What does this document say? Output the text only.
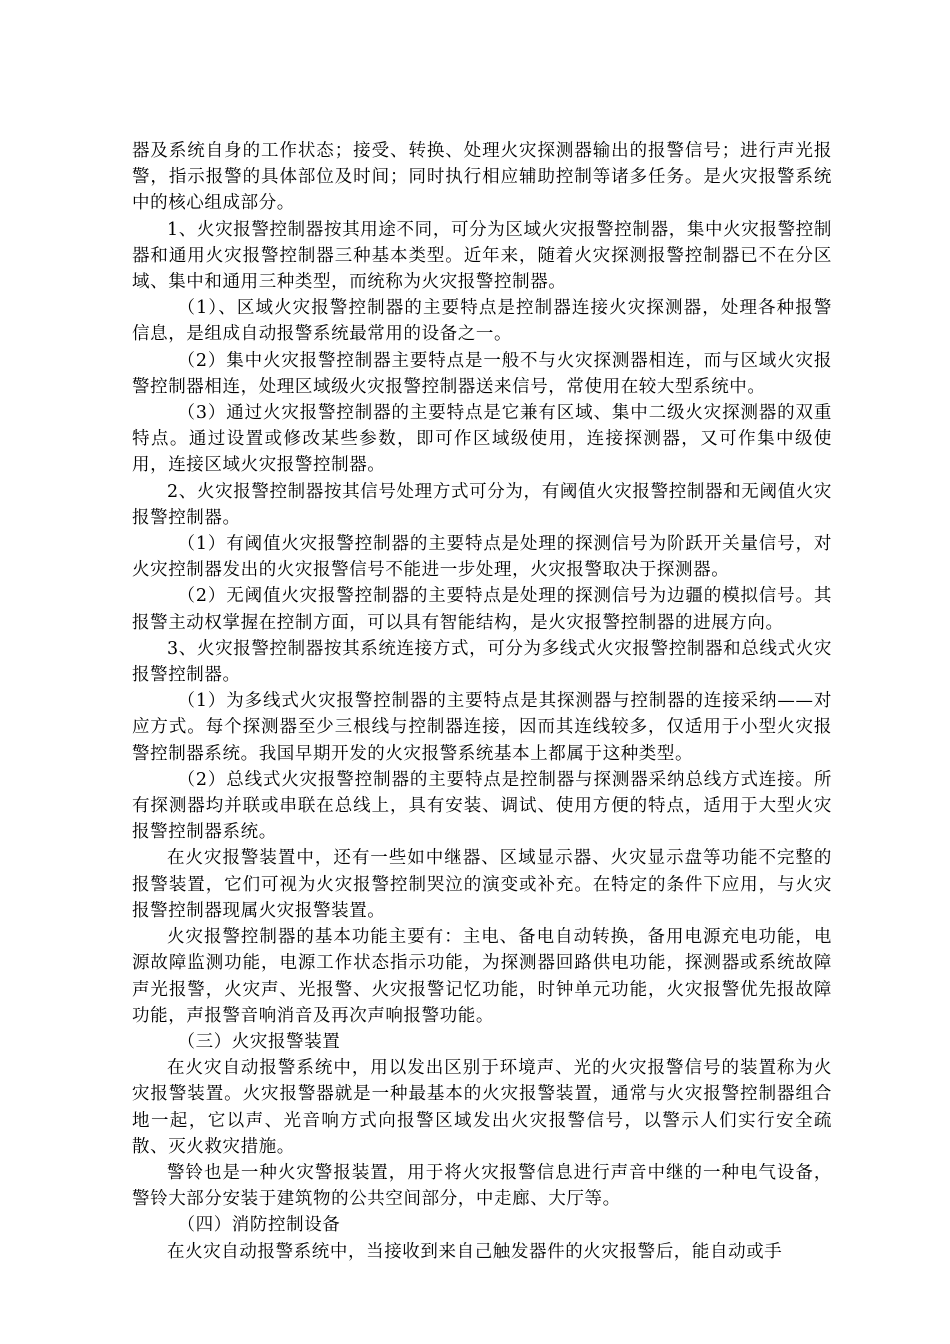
器及系统自身的工作状态；接受、转换、处理火灾探测器输出的报警信号；进行声光报警，指示报警的具体部位及时间；同时执行相应辅助控制等诸多任务。是火灾报警系统中的核心组成部分。

1、火灾报警控制器按其用途不同，可分为区域火灾报警控制器，集中火灾报警控制器和通用火灾报警控制器三种基本类型。近年来，随着火灾探测报警控制器已不在分区域、集中和通用三种类型，而统称为火灾报警控制器。

（1）、区域火灾报警控制器的主要特点是控制器连接火灾探测器，处理各种报警信息，是组成自动报警系统最常用的设备之一。

（2）集中火灾报警控制器主要特点是一般不与火灾探测器相连，而与区域火灾报警控制器相连，处理区域级火灾报警控制器送来信号，常使用在较大型系统中。

（3）通过火灾报警控制器的主要特点是它兼有区域、集中二级火灾探测器的双重特点。通过设置或修改某些参数，即可作区域级使用，连接探测器，又可作集中级使用，连接区域火灾报警控制器。

2、火灾报警控制器按其信号处理方式可分为，有阈值火灾报警控制器和无阈值火灾报警控制器。

（1）有阈值火灾报警控制器的主要特点是处理的探测信号为阶跃开关量信号，对火灾控制器发出的火灾报警信号不能进一步处理，火灾报警取决于探测器。

（2）无阈值火灾报警控制器的主要特点是处理的探测信号为边疆的模拟信号。其报警主动权掌握在控制方面，可以具有智能结构，是火灾报警控制器的进展方向。

3、火灾报警控制器按其系统连接方式，可分为多线式火灾报警控制器和总线式火灾报警控制器。

（1）为多线式火灾报警控制器的主要特点是其探测器与控制器的连接采纳——对应方式。每个探测器至少三根线与控制器连接，因而其连线较多，仅适用于小型火灾报警控制器系统。我国早期开发的火灾报警系统基本上都属于这种类型。

（2）总线式火灾报警控制器的主要特点是控制器与探测器采纳总线方式连接。所有探测器均并联或串联在总线上，具有安装、调试、使用方便的特点，适用于大型火灾报警控制器系统。

在火灾报警装置中，还有一些如中继器、区域显示器、火灾显示盘等功能不完整的报警装置，它们可视为火灾报警控制哭泣的演变或补充。在特定的条件下应用，与火灾报警控制器现属火灾报警装置。

火灾报警控制器的基本功能主要有：主电、备电自动转换，备用电源充电功能，电源故障监测功能，电源工作状态指示功能，为探测器回路供电功能，探测器或系统故障声光报警，火灾声、光报警、火灾报警记忆功能，时钟单元功能，火灾报警优先报故障功能，声报警音响消音及再次声响报警功能。

（三）火灾报警装置

在火灾自动报警系统中，用以发出区别于环境声、光的火灾报警信号的装置称为火灾报警装置。火灾报警器就是一种最基本的火灾报警装置，通常与火灾报警控制器组合地一起，它以声、光音响方式向报警区域发出火灾报警信号，以警示人们实行安全疏散、灭火救灾措施。

警铃也是一种火灾警报装置，用于将火灾报警信息进行声音中继的一种电气设备，警铃大部分安装于建筑物的公共空间部分，中走廊、大厅等。

（四）消防控制设备

在火灾自动报警系统中，当接收到来自己触发器件的火灾报警后，能自动或手
